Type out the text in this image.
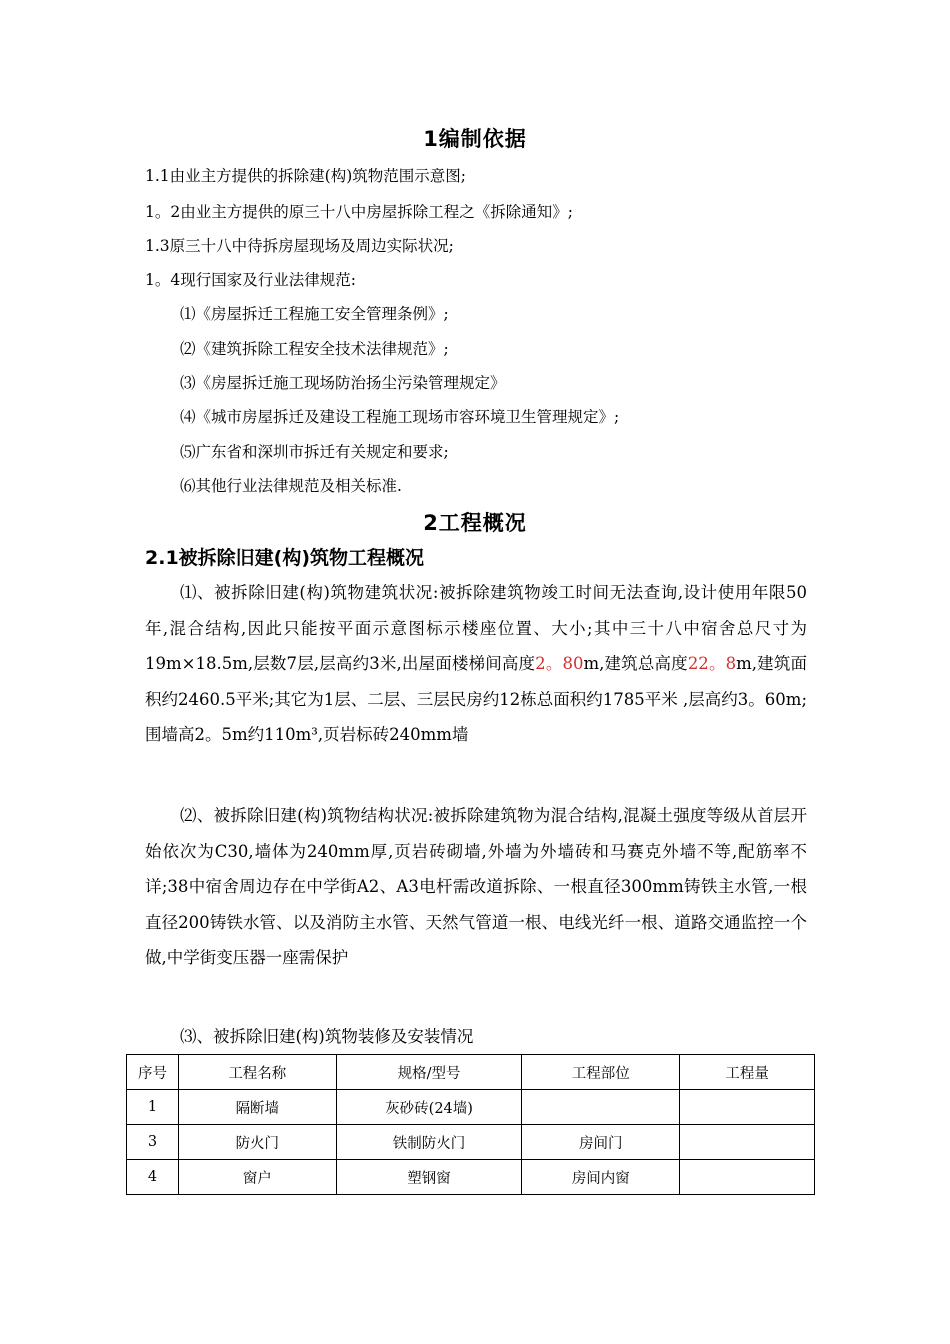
1编制依据
1.1由业主方提供的拆除建(构)筑物范围示意图;
1。2由业主方提供的原三十八中房屋拆除工程之《拆除通知》;
1.3原三十八中待拆房屋现场及周边实际状况;
1。4现行国家及行业法律规范:
⑴《房屋拆迁工程施工安全管理条例》;
⑵《建筑拆除工程安全技术法律规范》;
⑶《房屋拆迁施工现场防治扬尘污染管理规定》
⑷《城市房屋拆迁及建设工程施工现场市容环境卫生管理规定》;
⑸广东省和深圳市拆迁有关规定和要求;
⑹其他行业法律规范及相关标准.
2工程概况
2.1被拆除旧建(构)筑物工程概况
⑴、被拆除旧建(构)筑物建筑状况:被拆除建筑物竣工时间无法查询,设计使用年限50年,混合结构,因此只能按平面示意图标示楼座位置、大小;其中三十八中宿舍总尺寸为19m×18.5m,层数7层,层高约3米,出屋面楼梯间高度2。80m,建筑总高度22。8m,建筑面积约2460.5平米;其它为1层、二层、三层民房约12栋总面积约1785平米 ,层高约3。60m;围墙高2。5m约110m³,页岩标砖240mm墙
⑵、被拆除旧建(构)筑物结构状况:被拆除建筑物为混合结构,混凝土强度等级从首层开始依次为C30,墙体为240mm厚,页岩砖砌墙,外墙为外墙砖和马赛克外墙不等,配筋率不详;38中宿舍周边存在中学街A2、A3电杆需改道拆除、一根直径300mm铸铁主水管,一根直径200铸铁水管、以及消防主水管、天然气管道一根、电线光纤一根、道路交通监控一个做,中学街变压器一座需保护
⑶、被拆除旧建(构)筑物装修及安装情况
序号	工程名称	规格/型号	工程部位	工程量
1	隔断墙	灰砂砖(24墙)		
3	防火门	铁制防火门	房间门	
4	窗户	塑钢窗	房间内窗	
